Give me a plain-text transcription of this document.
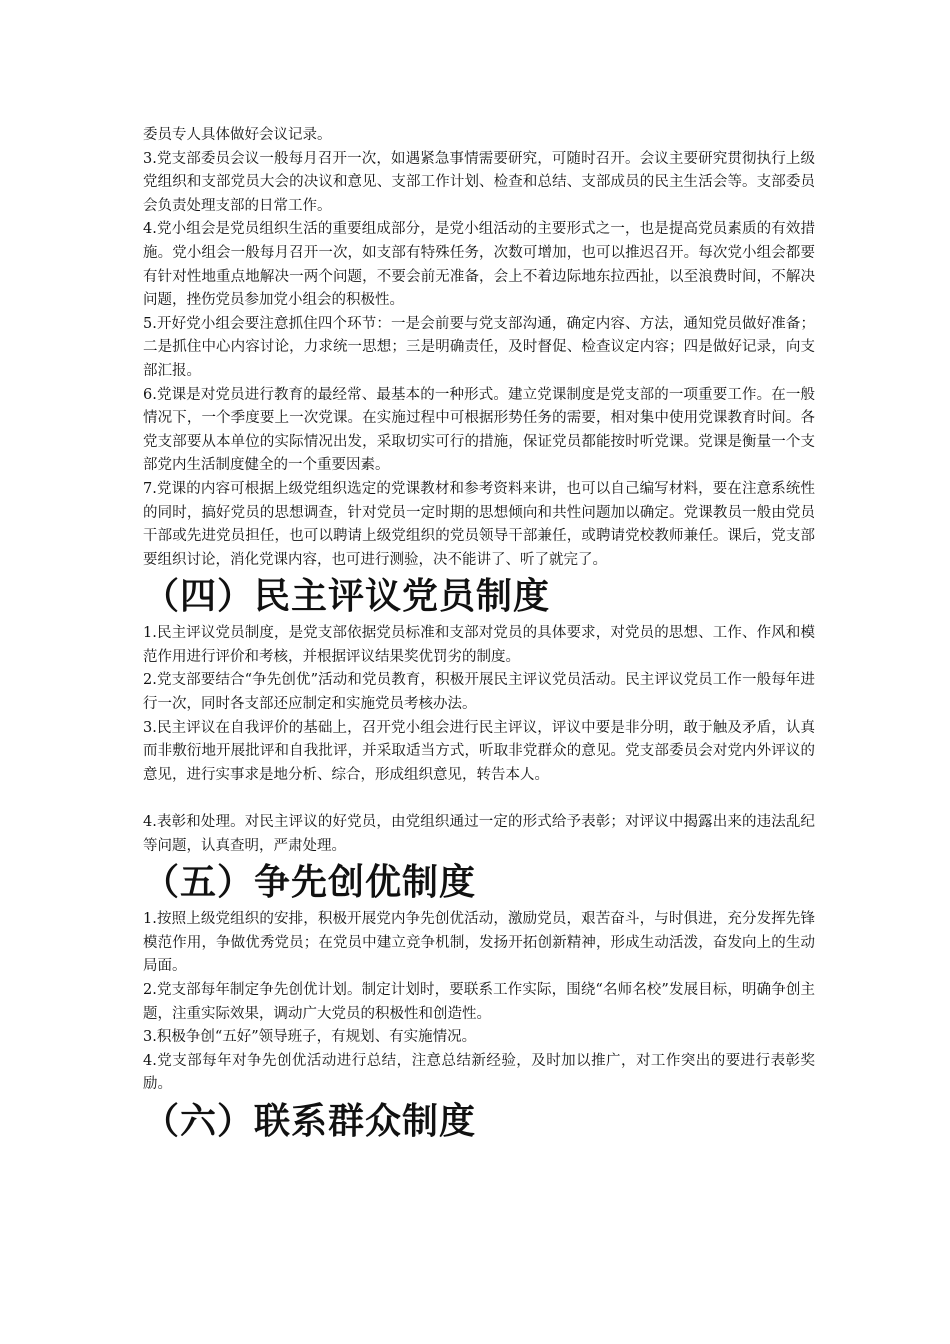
委员专人具体做好会议记录。

3.党支部委员会议一般每月召开一次，如遇紧急事情需要研究，可随时召开。会议主要研究贯彻执行上级党组织和支部党员大会的决议和意见、支部工作计划、检查和总结、支部成员的民主生活会等。支部委员会负责处理支部的日常工作。

4.党小组会是党员组织生活的重要组成部分，是党小组活动的主要形式之一，也是提高党员素质的有效措施。党小组会一般每月召开一次，如支部有特殊任务，次数可增加，也可以推迟召开。每次党小组会都要有针对性地重点地解决一两个问题，不要会前无准备，会上不着边际地东拉西扯，以至浪费时间，不解决问题，挫伤党员参加党小组会的积极性。

5.开好党小组会要注意抓住四个环节：一是会前要与党支部沟通，确定内容、方法，通知党员做好准备；二是抓住中心内容讨论，力求统一思想；三是明确责任，及时督促、检查议定内容；四是做好记录，向支部汇报。

6.党课是对党员进行教育的最经常、最基本的一种形式。建立党课制度是党支部的一项重要工作。在一般情况下，一个季度要上一次党课。在实施过程中可根据形势任务的需要，相对集中使用党课教育时间。各党支部要从本单位的实际情况出发，采取切实可行的措施，保证党员都能按时听党课。党课是衡量一个支部党内生活制度健全的一个重要因素。

7.党课的内容可根据上级党组织选定的党课教材和参考资料来讲，也可以自己编写材料，要在注意系统性的同时，搞好党员的思想调查，针对党员一定时期的思想倾向和共性问题加以确定。党课教员一般由党员干部或先进党员担任，也可以聘请上级党组织的党员领导干部兼任，或聘请党校教师兼任。课后，党支部要组织讨论，消化党课内容，也可进行测验，决不能讲了、听了就完了。

（四）民主评议党员制度

1.民主评议党员制度，是党支部依据党员标准和支部对党员的具体要求，对党员的思想、工作、作风和模范作用进行评价和考核，并根据评议结果奖优罚劣的制度。

2.党支部要结合“争先创优”活动和党员教育，积极开展民主评议党员活动。民主评议党员工作一般每年进行一次，同时各支部还应制定和实施党员考核办法。

3.民主评议在自我评价的基础上，召开党小组会进行民主评议，评议中要是非分明，敢于触及矛盾，认真而非敷衍地开展批评和自我批评，并采取适当方式，听取非党群众的意见。党支部委员会对党内外评议的意见，进行实事求是地分析、综合，形成组织意见，转告本人。

4.表彰和处理。对民主评议的好党员，由党组织通过一定的形式给予表彰；对评议中揭露出来的违法乱纪等问题，认真查明，严肃处理。

（五）争先创优制度

1.按照上级党组织的安排，积极开展党内争先创优活动，激励党员，艰苦奋斗，与时俱进，充分发挥先锋模范作用，争做优秀党员；在党员中建立竞争机制，发扬开拓创新精神，形成生动活泼，奋发向上的生动局面。

2.党支部每年制定争先创优计划。制定计划时，要联系工作实际，围绕“名师名校”发展目标，明确争创主题，注重实际效果，调动广大党员的积极性和创造性。

3.积极争创“五好”领导班子，有规划、有实施情况。

4.党支部每年对争先创优活动进行总结，注意总结新经验，及时加以推广，对工作突出的要进行表彰奖励。

（六）联系群众制度
